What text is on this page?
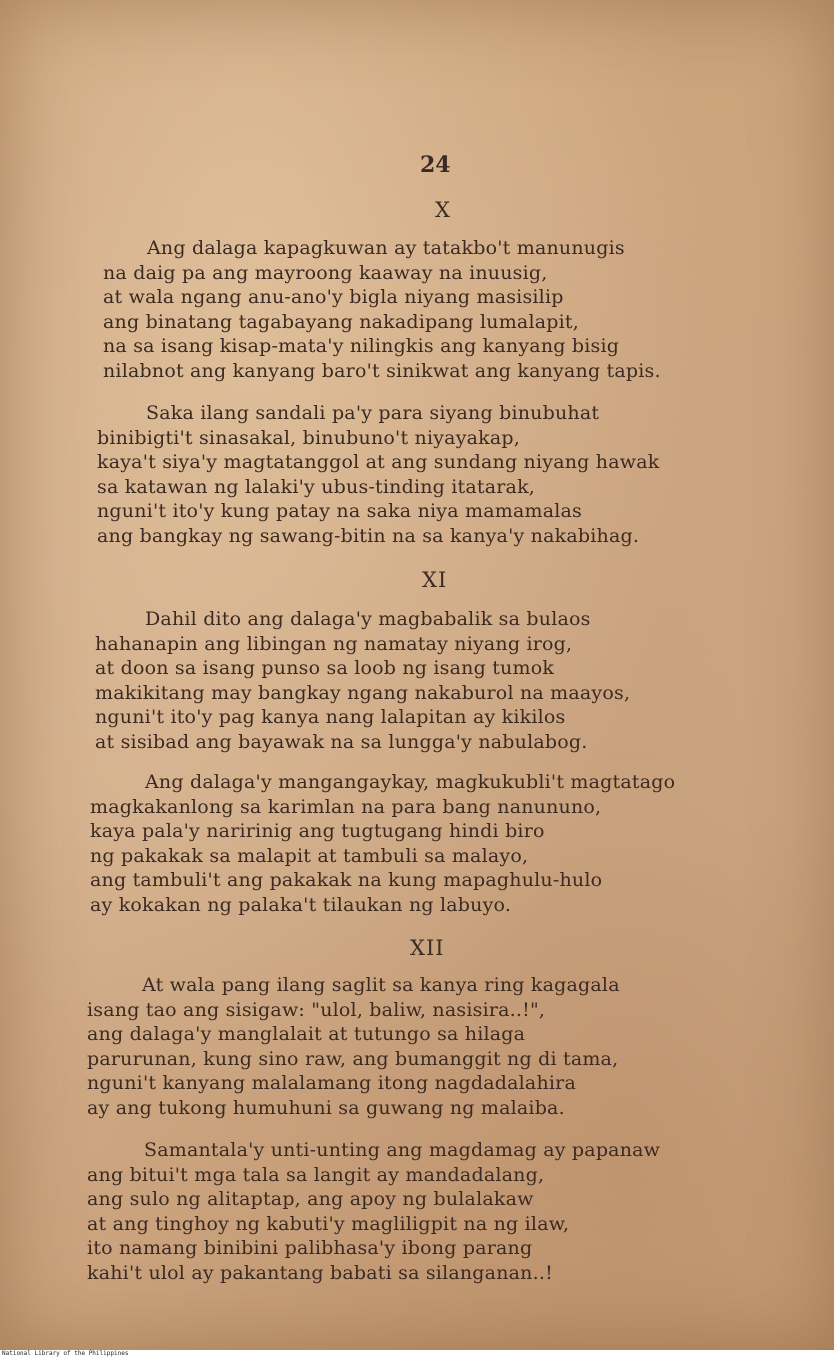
24
X
Ang dalaga kapagkuwan ay tatakbo't manunugis
na daig pa ang mayroong kaaway na inuusig,
at wala ngang anu-ano'y bigla niyang masisilip
ang binatang tagabayang nakadipang lumalapit,
na sa isang kisap-mata'y nilingkis ang kanyang bisig
nilabnot ang kanyang baro't sinikwat ang kanyang tapis.
Saka ilang sandali pa'y para siyang binubuhat
binibigti't sinasakal, binubuno't niyayakap,
kaya't siya'y magtatanggol at ang sundang niyang hawak
sa katawan ng lalaki'y ubus-tinding itatarak,
nguni't ito'y kung patay na saka niya mamamalas
ang bangkay ng sawang-bitin na sa kanya'y nakabihag.
XI
Dahil dito ang dalaga'y magbabalik sa bulaos
hahanapin ang libingan ng namatay niyang irog,
at doon sa isang punso sa loob ng isang tumok
makikitang may bangkay ngang nakaburol na maayos,
nguni't ito'y pag kanya nang lalapitan ay kikilos
at sisibad ang bayawak na sa lungga'y nabulabog.
Ang dalaga'y mangangaykay, magkukubli't magtatago
magkakanlong sa karimlan na para bang nanununo,
kaya pala'y naririnig ang tugtugang hindi biro
ng pakakak sa malapit at tambuli sa malayo,
ang tambuli't ang pakakak na kung mapaghulu-hulo
ay kokakan ng palaka't tilaukan ng labuyo.
XII
At wala pang ilang saglit sa kanya ring kagagala
isang tao ang sisigaw: "ulol, baliw, nasisira..!",
ang dalaga'y manglalait at tutungo sa hilaga
parurunan, kung sino raw, ang bumanggit ng di tama,
nguni't kanyang malalamang itong nagdadalahira
ay ang tukong humuhuni sa guwang ng malaiba.
Samantala'y unti-unting ang magdamag ay papanaw
ang bitui't mga tala sa langit ay mandadalang,
ang sulo ng alitaptap, ang apoy ng bulalakaw
at ang tinghoy ng kabuti'y magliligpit na ng ilaw,
ito namang binibini palibhasa'y ibong parang
kahi't ulol ay pakantang babati sa silanganan..!
National Library of the Philippines
